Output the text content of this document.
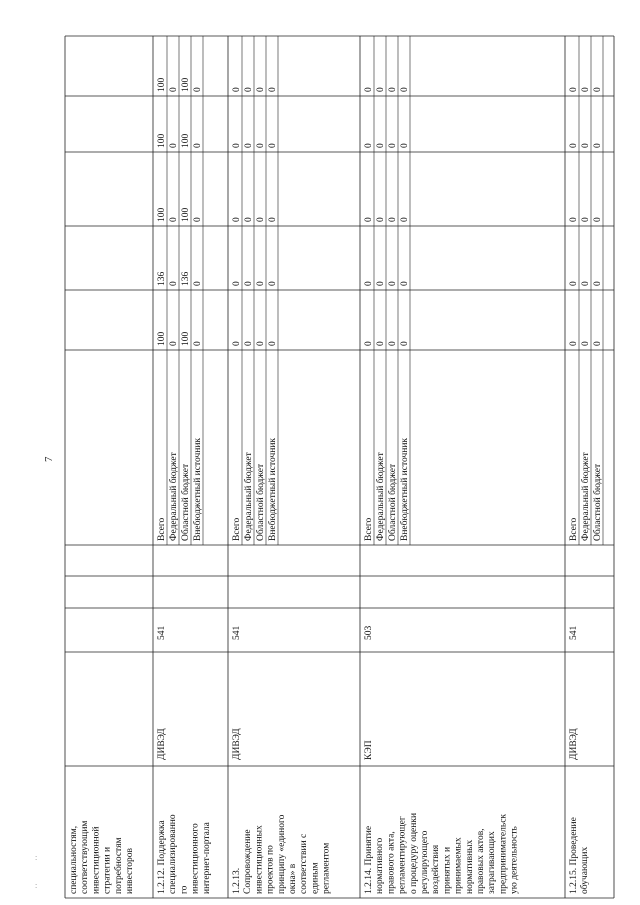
7
:
:	специальностям, соответствующим инвестиционной стратегии и потребностям инвесторов 1.2.12. Поддержка специализированно го инвестиционного интернет-портала
ДИВЭД
541
Всего Федеральный бюджет Областной бюджет Внебюджетный источник
100
136
100
100
100
0
0
0
0
0
100
136
100
100
100
0
0
0
0
0
1.2.13. Сопровождение инвестиционных проектов по принципу «единого окна» в соответствии с единым регламентом
ДИВЭД
541
Всего Федеральный бюджет Областной бюджет Внебюджетный источник
0
0
0
0
0
0
0
0
0
0
0
0
0
0
0
0
0
0
0
0
1.2.14. Принятие нормативного правового акта, регламентирующег о процедуру оценки регулирующего воздействия принятых и принимаемых нормативных правовых актов, затрагивающих предпринимательск ую деятельность
КЭП
503
Всего Федеральный бюджет Областной бюджет Внебюджетный источник
0
0
0
0
0
0
0
0
0
0
0
0
0
0
0
0
0
0
0
0
1.2.15. Проведение обучающих
ДИВЭД
541
Всего Федеральный бюджет Областной бюджет
0
0
0
0
0
0
0
0
0
0
0
0
0
0
0
